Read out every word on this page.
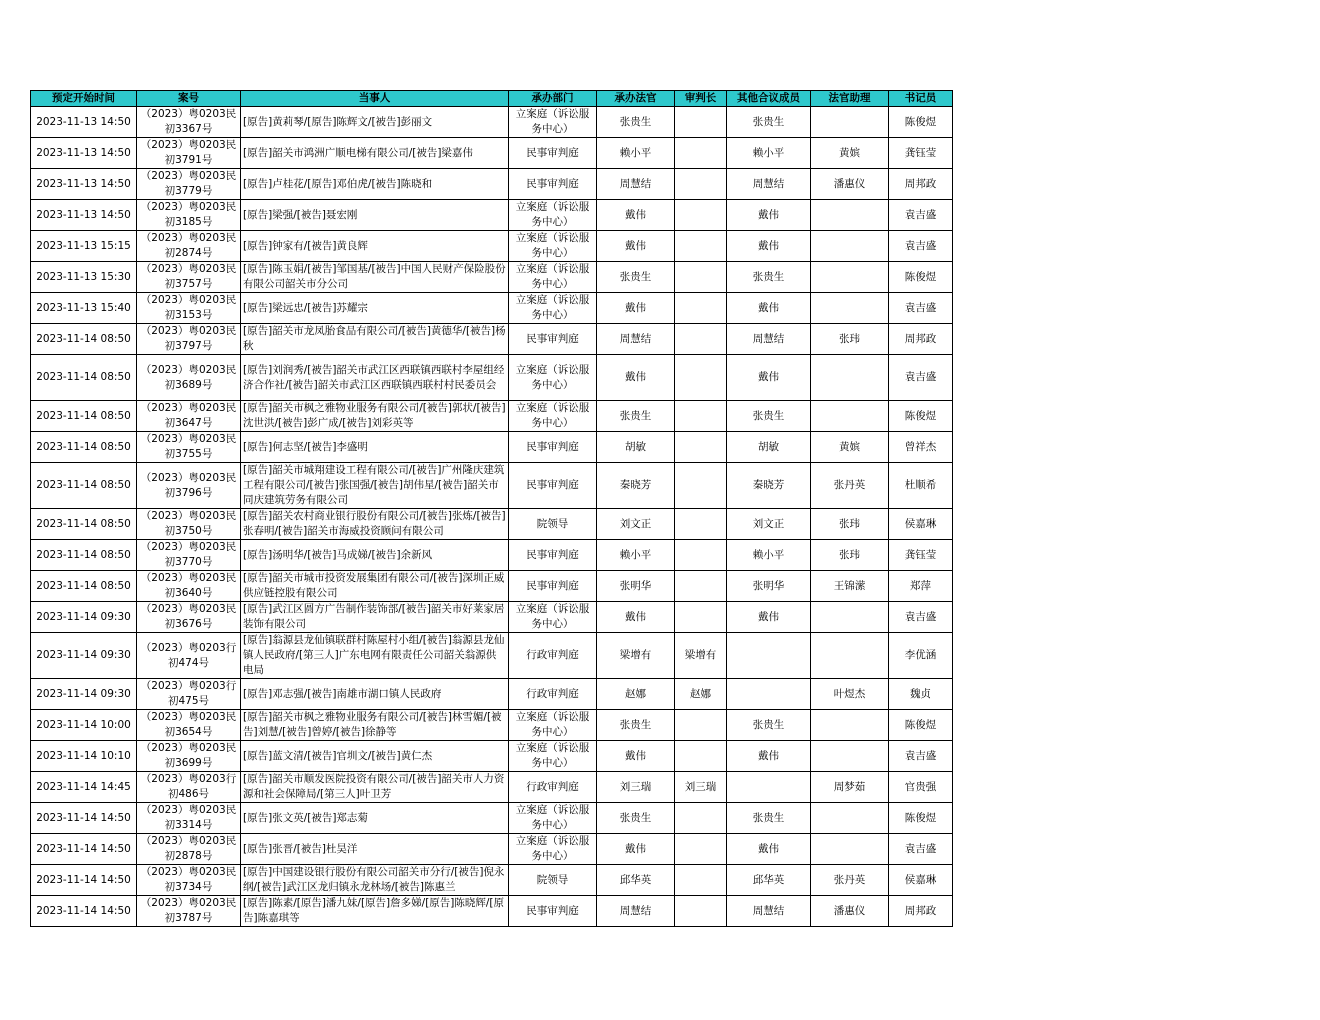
预定开始时间	案号	当事人	承办部门	承办法官	审判长	其他合议成员	法官助理	书记员
2023-11-13 14:50	（2023）粤0203民初3367号	[原告]黄莉琴/[原告]陈辉文/[被告]彭丽文	立案庭（诉讼服务中心）	张贵生		张贵生		陈俊煜
2023-11-13 14:50	（2023）粤0203民初3791号	[原告]韶关市鸿洲广顺电梯有限公司/[被告]梁嘉伟	民事审判庭	赖小平		赖小平	黄嫔	龚钰莹
2023-11-13 14:50	（2023）粤0203民初3779号	[原告]卢桂花/[原告]邓伯虎/[被告]陈晓和	民事审判庭	周慧结		周慧结	潘惠仪	周邦政
2023-11-13 14:50	（2023）粤0203民初3185号	[原告]梁强/[被告]聂宏刚	立案庭（诉讼服务中心）	戴伟		戴伟		袁吉盛
2023-11-13 15:15	（2023）粤0203民初2874号	[原告]钟家有/[被告]黄良辉	立案庭（诉讼服务中心）	戴伟		戴伟		袁吉盛
2023-11-13 15:30	（2023）粤0203民初3757号	[原告]陈玉娟/[被告]邹国基/[被告]中国人民财产保险股份有限公司韶关市分公司	立案庭（诉讼服务中心）	张贵生		张贵生		陈俊煜
2023-11-13 15:40	（2023）粤0203民初3153号	[原告]梁远忠/[被告]苏耀宗	立案庭（诉讼服务中心）	戴伟		戴伟		袁吉盛
2023-11-14 08:50	（2023）粤0203民初3797号	[原告]韶关市龙凤胎食品有限公司/[被告]黄德华/[被告]杨秋	民事审判庭	周慧结		周慧结	张玮	周邦政
2023-11-14 08:50	（2023）粤0203民初3689号	[原告]刘润秀/[被告]韶关市武江区西联镇西联村李屋组经济合作社/[被告]韶关市武江区西联镇西联村村民委员会	立案庭（诉讼服务中心）	戴伟		戴伟		袁吉盛
2023-11-14 08:50	（2023）粤0203民初3647号	[原告]韶关市枫之雅物业服务有限公司/[被告]郭状/[被告]沈世洪/[被告]彭广成/[被告]刘彩英等	立案庭（诉讼服务中心）	张贵生		张贵生		陈俊煜
2023-11-14 08:50	（2023）粤0203民初3755号	[原告]何志坚/[被告]李盛明	民事审判庭	胡敏		胡敏	黄嫔	曾祥杰
2023-11-14 08:50	（2023）粤0203民初3796号	[原告]韶关市城翔建设工程有限公司/[被告]广州隆庆建筑工程有限公司/[被告]张国强/[被告]胡伟星/[被告]韶关市同庆建筑劳务有限公司	民事审判庭	秦晓芳		秦晓芳	张丹英	杜顺希
2023-11-14 08:50	（2023）粤0203民初3750号	[原告]韶关农村商业银行股份有限公司/[被告]张炼/[被告]张春明/[被告]韶关市海威投资顾问有限公司	院领导	刘文正		刘文正	张玮	侯嘉琳
2023-11-14 08:50	（2023）粤0203民初3770号	[原告]汤明华/[被告]马成娣/[被告]余新风	民事审判庭	赖小平		赖小平	张玮	龚钰莹
2023-11-14 08:50	（2023）粤0203民初3640号	[原告]韶关市城市投资发展集团有限公司/[被告]深圳正威供应链控股有限公司	民事审判庭	张明华		张明华	王锦潆	郑萍
2023-11-14 09:30	（2023）粤0203民初3676号	[原告]武江区圆方广告制作装饰部/[被告]韶关市好莱家居装饰有限公司	立案庭（诉讼服务中心）	戴伟		戴伟		袁吉盛
2023-11-14 09:30	（2023）粤0203行初474号	[原告]翁源县龙仙镇联群村陈屋村小组/[被告]翁源县龙仙镇人民政府/[第三人]广东电网有限责任公司韶关翁源供电局	行政审判庭	梁增有	梁增有			李优涵
2023-11-14 09:30	（2023）粤0203行初475号	[原告]邓志强/[被告]南雄市湖口镇人民政府	行政审判庭	赵娜	赵娜		叶煜杰	魏贞
2023-11-14 10:00	（2023）粤0203民初3654号	[原告]韶关市枫之雅物业服务有限公司/[被告]林雪媚/[被告]刘慧/[被告]曾婷/[被告]徐静等	立案庭（诉讼服务中心）	张贵生		张贵生		陈俊煜
2023-11-14 10:10	（2023）粤0203民初3699号	[原告]蓝文清/[被告]官圳文/[被告]黄仁杰	立案庭（诉讼服务中心）	戴伟		戴伟		袁吉盛
2023-11-14 14:45	（2023）粤0203行初486号	[原告]韶关市顺发医院投资有限公司/[被告]韶关市人力资源和社会保障局/[第三人]叶卫芳	行政审判庭	刘三瑞	刘三瑞		周梦茹	官贵强
2023-11-14 14:50	（2023）粤0203民初3314号	[原告]张文英/[被告]郑志菊	立案庭（诉讼服务中心）	张贵生		张贵生		陈俊煜
2023-11-14 14:50	（2023）粤0203民初2878号	[原告]张晋/[被告]杜昊洋	立案庭（诉讼服务中心）	戴伟		戴伟		袁吉盛
2023-11-14 14:50	（2023）粤0203民初3734号	[原告]中国建设银行股份有限公司韶关市分行/[被告]倪永纲/[被告]武江区龙归镇永龙林场/[被告]陈惠兰	院领导	邱华英		邱华英	张丹英	侯嘉琳
2023-11-14 14:50	（2023）粤0203民初3787号	[原告]陈素/[原告]潘九妹/[原告]詹多娣/[原告]陈晓辉/[原告]陈嘉琪等	民事审判庭	周慧结		周慧结	潘惠仪	周邦政
